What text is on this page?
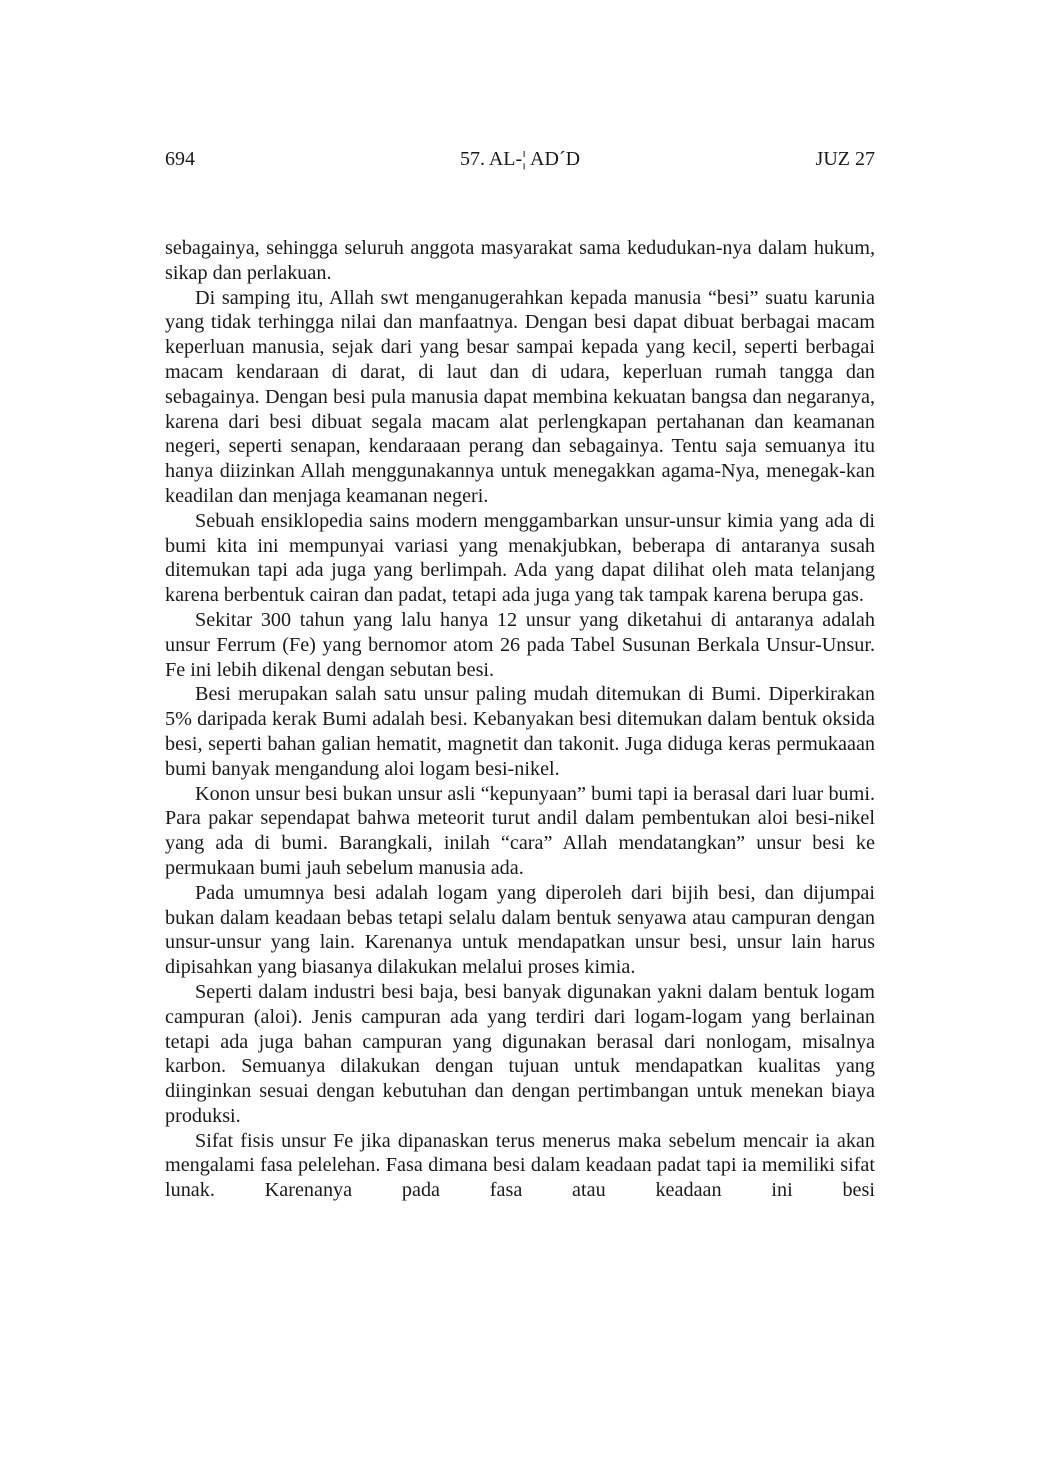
694	57. AL-¦ AD´D	JUZ 27

sebagainya, sehingga seluruh anggota masyarakat sama kedudukan-nya dalam hukum, sikap dan perlakuan.

Di samping itu, Allah swt menganugerahkan kepada manusia “besi” suatu karunia yang tidak terhingga nilai dan manfaatnya. Dengan besi dapat dibuat berbagai macam keperluan manusia, sejak dari yang besar sampai kepada yang kecil, seperti berbagai macam kendaraan di darat, di laut dan di udara, keperluan rumah tangga dan sebagainya. Dengan besi pula manusia dapat membina kekuatan bangsa dan negaranya, karena dari besi dibuat segala macam alat perlengkapan pertahanan dan keamanan negeri, seperti senapan, kendaraaan perang dan sebagainya. Tentu saja semuanya itu hanya diizinkan Allah menggunakannya untuk menegakkan agama-Nya, menegak-kan keadilan dan menjaga keamanan negeri.

Sebuah ensiklopedia sains modern menggambarkan unsur-unsur kimia yang ada di bumi kita ini mempunyai variasi yang menakjubkan, beberapa di antaranya susah ditemukan tapi ada juga yang berlimpah. Ada yang dapat dilihat oleh mata telanjang karena berbentuk cairan dan padat, tetapi ada juga yang tak tampak karena berupa gas.

Sekitar 300 tahun yang lalu hanya 12 unsur yang diketahui di antaranya adalah unsur Ferrum (Fe) yang bernomor atom 26 pada Tabel Susunan Berkala Unsur-Unsur. Fe ini lebih dikenal dengan sebutan besi.

Besi merupakan salah satu unsur paling mudah ditemukan di Bumi. Diperkirakan 5% daripada kerak Bumi adalah besi. Kebanyakan besi ditemukan dalam bentuk oksida besi, seperti bahan galian hematit, magnetit dan takonit. Juga diduga keras permukaaan bumi banyak mengandung aloi logam besi-nikel.

Konon unsur besi bukan unsur asli “kepunyaan” bumi tapi ia berasal dari luar bumi. Para pakar sependapat bahwa meteorit turut andil dalam pembentukan aloi besi-nikel yang ada di bumi. Barangkali, inilah “cara” Allah mendatangkan” unsur besi ke permukaan bumi jauh sebelum manusia ada.

Pada umumnya besi adalah logam yang diperoleh dari bijih besi, dan dijumpai bukan dalam keadaan bebas tetapi selalu dalam bentuk senyawa atau campuran dengan unsur-unsur yang lain. Karenanya untuk mendapatkan unsur besi, unsur lain harus dipisahkan yang biasanya dilakukan melalui proses kimia.

Seperti dalam industri besi baja, besi banyak digunakan yakni dalam bentuk logam campuran (aloi). Jenis campuran ada yang terdiri dari logam-logam yang berlainan tetapi ada juga bahan campuran yang digunakan berasal dari nonlogam, misalnya karbon. Semuanya dilakukan dengan tujuan untuk mendapatkan kualitas yang diinginkan sesuai dengan kebutuhan dan dengan pertimbangan untuk menekan biaya produksi.

Sifat fisis unsur Fe jika dipanaskan terus menerus maka sebelum mencair ia akan mengalami fasa pelelehan. Fasa dimana besi dalam keadaan padat tapi ia memiliki sifat lunak. Karenanya pada fasa atau keadaan ini besi
